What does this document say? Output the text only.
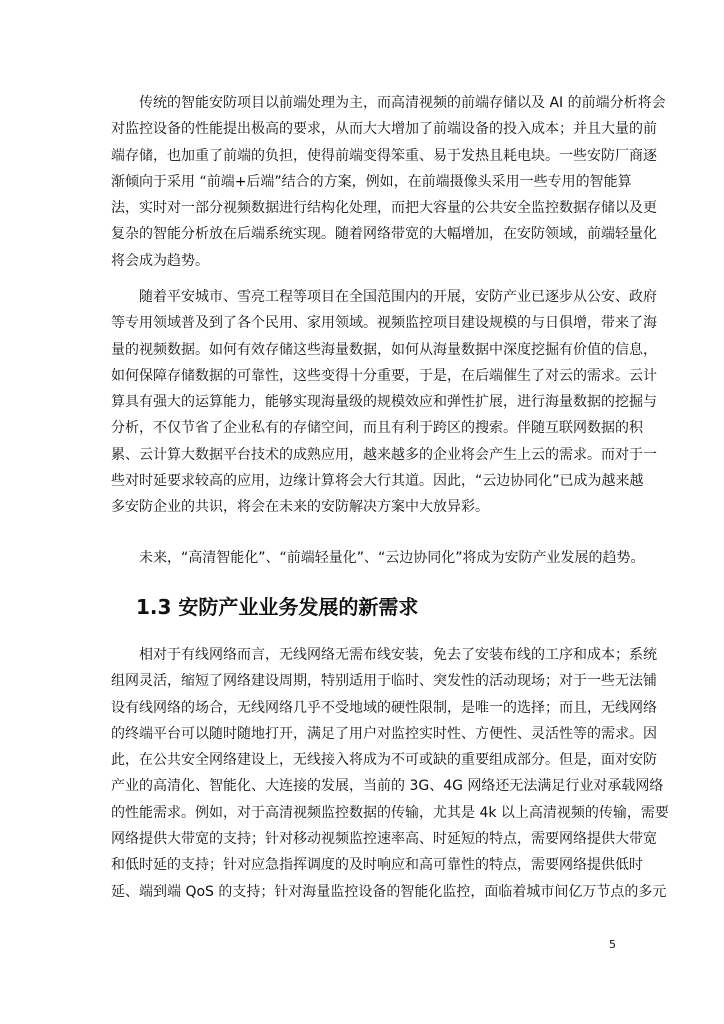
传统的智能安防项目以前端处理为主，而高清视频的前端存储以及 AI 的前端分析将会
对监控设备的性能提出极高的要求，从而大大增加了前端设备的投入成本；并且大量的前
端存储，也加重了前端的负担，使得前端变得笨重、易于发热且耗电块。一些安防厂商逐
渐倾向于采用 “前端+后端”结合的方案，例如，在前端摄像头采用一些专用的智能算
法，实时对一部分视频数据进行结构化处理，而把大容量的公共安全监控数据存储以及更
复杂的智能分析放在后端系统实现。随着网络带宽的大幅增加，在安防领域，前端轻量化
将会成为趋势。
随着平安城市、雪亮工程等项目在全国范围内的开展，安防产业已逐步从公安、政府
等专用领域普及到了各个民用、家用领域。视频监控项目建设规模的与日俱增，带来了海
量的视频数据。如何有效存储这些海量数据，如何从海量数据中深度挖掘有价值的信息，
如何保障存储数据的可靠性，这些变得十分重要，于是，在后端催生了对云的需求。云计
算具有强大的运算能力，能够实现海量级的规模效应和弹性扩展，进行海量数据的挖掘与
分析，不仅节省了企业私有的存储空间，而且有利于跨区的搜索。伴随互联网数据的积
累、云计算大数据平台技术的成熟应用，越来越多的企业将会产生上云的需求。而对于一
些对时延要求较高的应用，边缘计算将会大行其道。因此，“云边协同化”已成为越来越
多安防企业的共识，将会在未来的安防解决方案中大放异彩。
未来，“高清智能化”、“前端轻量化”、“云边协同化”将成为安防产业发展的趋势。
1.3 安防产业业务发展的新需求
相对于有线网络而言，无线网络无需布线安装，免去了安装布线的工序和成本；系统
组网灵活，缩短了网络建设周期，特别适用于临时、突发性的活动现场；对于一些无法铺
设有线网络的场合，无线网络几乎不受地域的硬性限制，是唯一的选择；而且，无线网络
的终端平台可以随时随地打开，满足了用户对监控实时性、方便性、灵活性等的需求。因
此，在公共安全网络建设上，无线接入将成为不可或缺的重要组成部分。但是，面对安防
产业的高清化、智能化、大连接的发展，当前的 3G、4G 网络还无法满足行业对承载网络
的性能需求。例如，对于高清视频监控数据的传输，尤其是 4k 以上高清视频的传输，需要
网络提供大带宽的支持；针对移动视频监控速率高、时延短的特点，需要网络提供大带宽
和低时延的支持；针对应急指挥调度的及时响应和高可靠性的特点，需要网络提供低时
延、端到端 QoS 的支持；针对海量监控设备的智能化监控，面临着城市间亿万节点的多元
5
